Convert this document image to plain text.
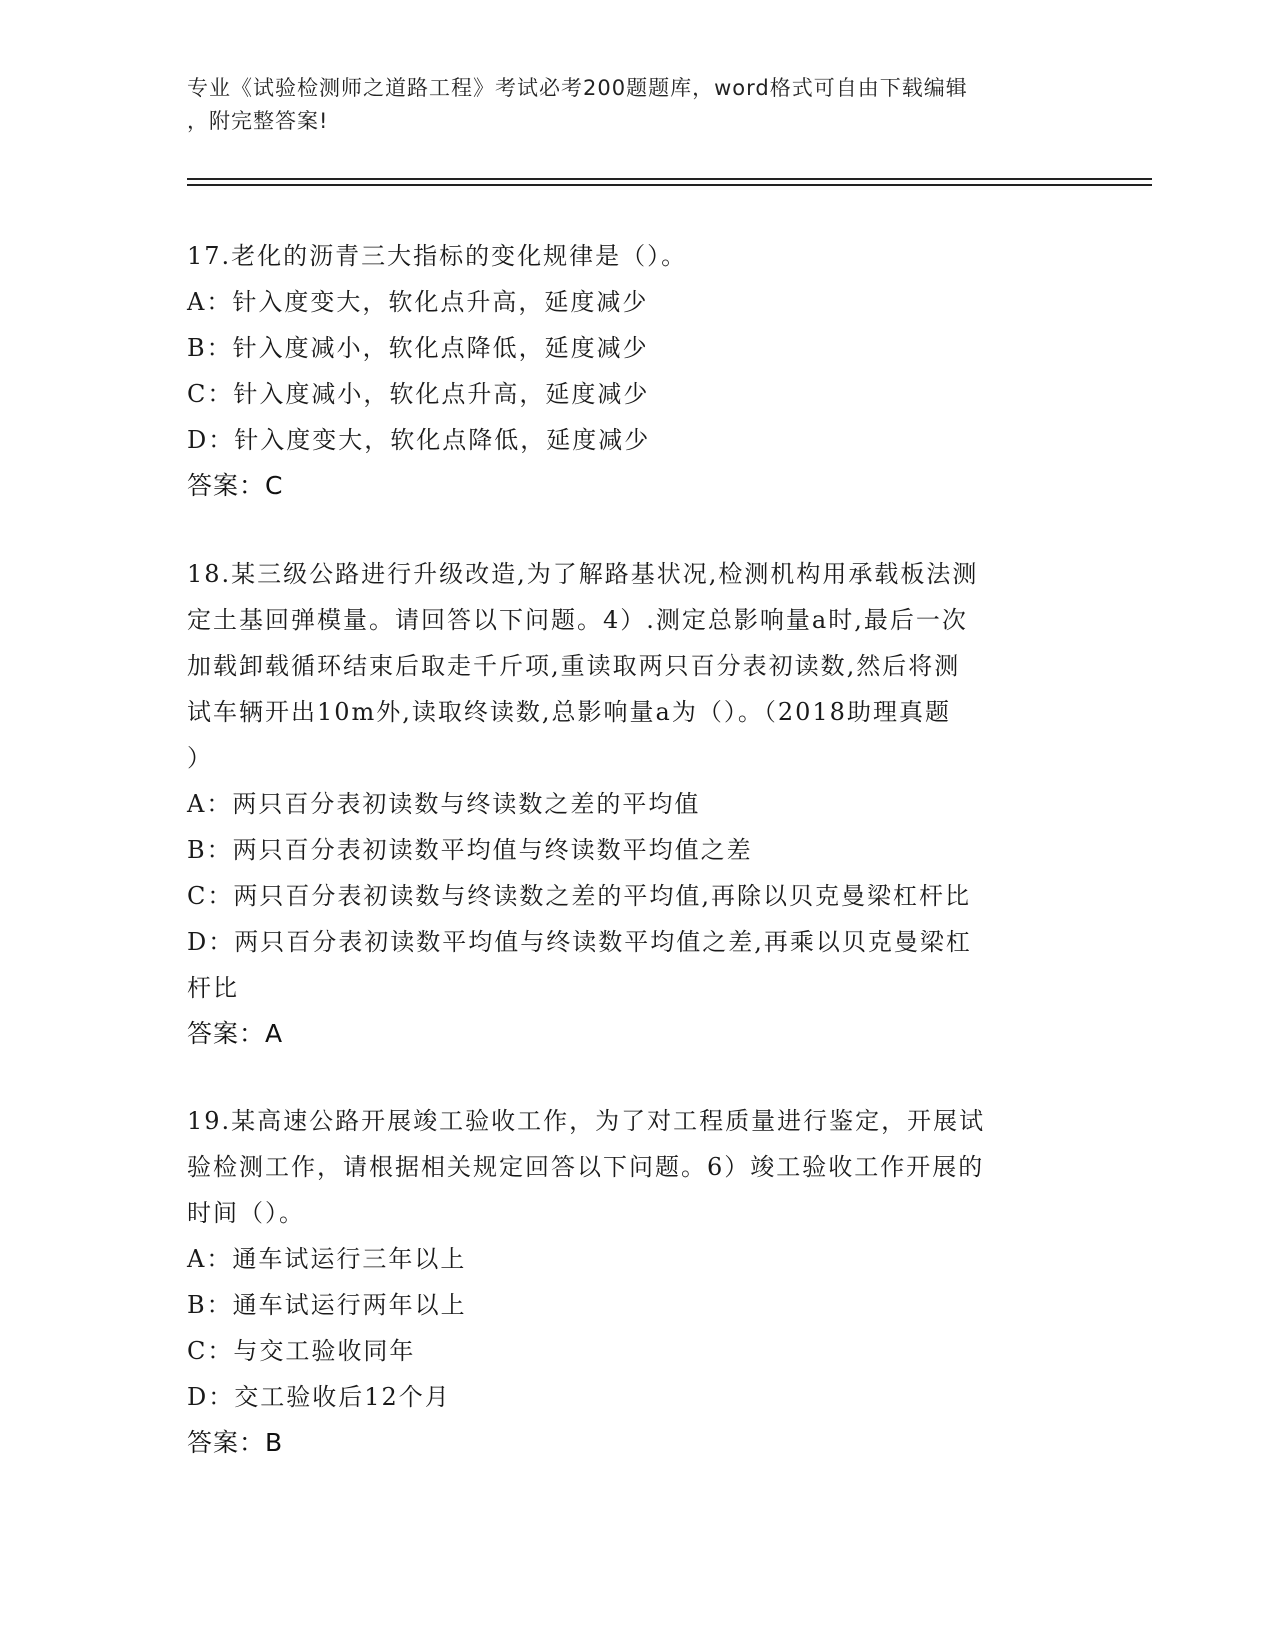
专业《试验检测师之道路工程》考试必考200题题库，word格式可自由下载编辑
，附完整答案!
17.老化的沥青三大指标的变化规律是（）。
A：针入度变大，软化点升高，延度减少
B：针入度减小，软化点降低，延度减少
C：针入度减小，软化点升高，延度减少
D：针入度变大，软化点降低，延度减少
答案：C
18.某三级公路进行升级改造,为了解路基状况,检测机构用承载板法测
定土基回弹模量。请回答以下问题。4）.测定总影响量a时,最后一次
加载卸载循环结束后取走千斤项,重读取两只百分表初读数,然后将测
试车辆开出10m外,读取终读数,总影响量a为（）。（2018助理真题
）
A：两只百分表初读数与终读数之差的平均值
B：两只百分表初读数平均值与终读数平均值之差
C：两只百分表初读数与终读数之差的平均值,再除以贝克曼梁杠杆比
D：两只百分表初读数平均值与终读数平均值之差,再乘以贝克曼梁杠
杆比
答案：A
19.某高速公路开展竣工验收工作，为了对工程质量进行鉴定，开展试
验检测工作，请根据相关规定回答以下问题。6）竣工验收工作开展的
时间（）。
A：通车试运行三年以上
B：通车试运行两年以上
C：与交工验收同年
D：交工验收后12个月
答案：B
